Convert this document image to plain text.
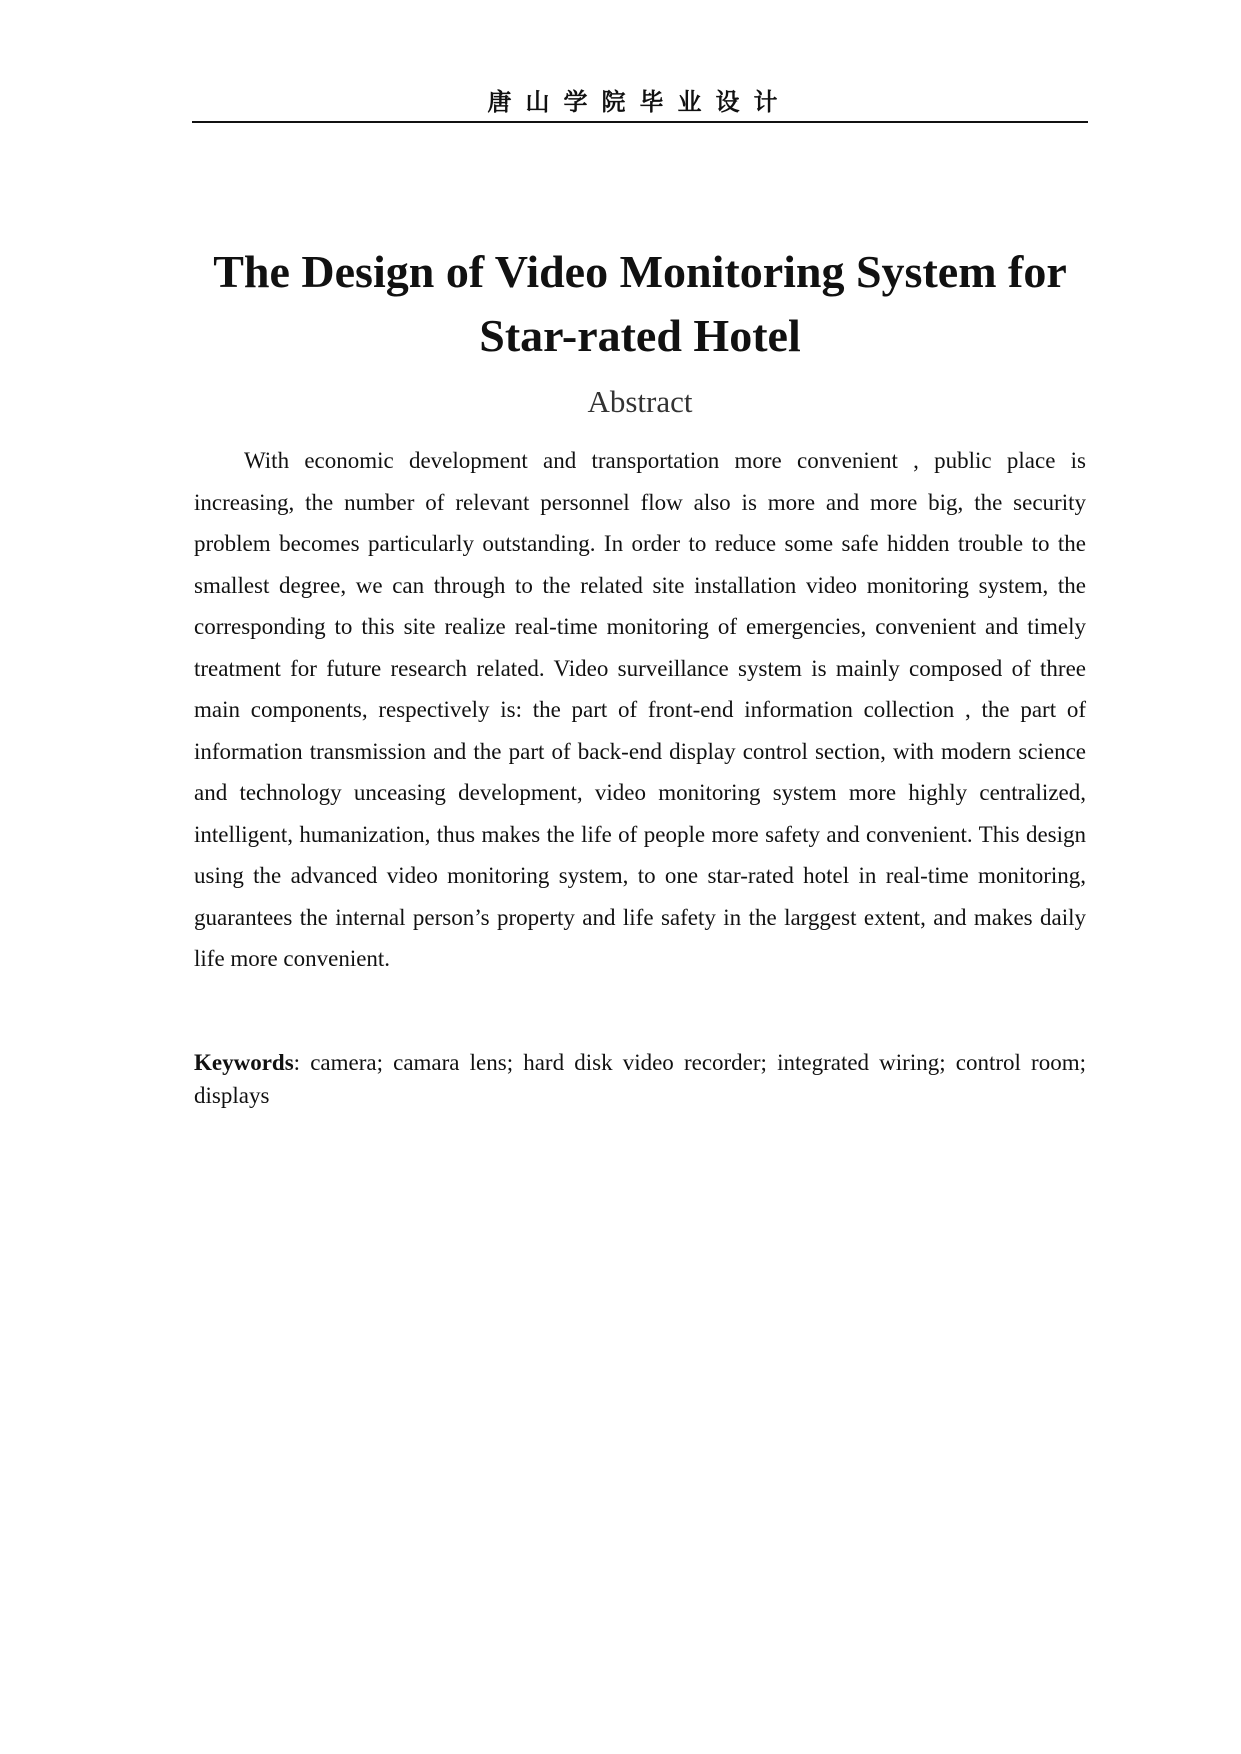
唐山学院毕业设计
The Design of Video Monitoring System for Star-rated Hotel
Abstract

With economic development and transportation more convenient , public place is increasing, the number of relevant personnel flow also is more and more big, the security problem becomes particularly outstanding. In order to reduce some safe hidden trouble to the smallest degree, we can through to the related site installation video monitoring system, the corresponding to this site realize real-time monitoring of emergencies, convenient and timely treatment for future research related. Video surveillance system is mainly composed of three main components, respectively is: the part of front-end information collection , the part of information transmission and the part of back-end display control section, with modern science and technology unceasing development, video monitoring system more highly centralized, intelligent, humanization, thus makes the life of people more safety and convenient. This design using the advanced video monitoring system, to one star-rated hotel in real-time monitoring, guarantees the internal person’s property and life safety in the larggest extent, and makes daily life more convenient.

Keywords: camera; camara lens; hard disk video recorder; integrated wiring; control room; displays
